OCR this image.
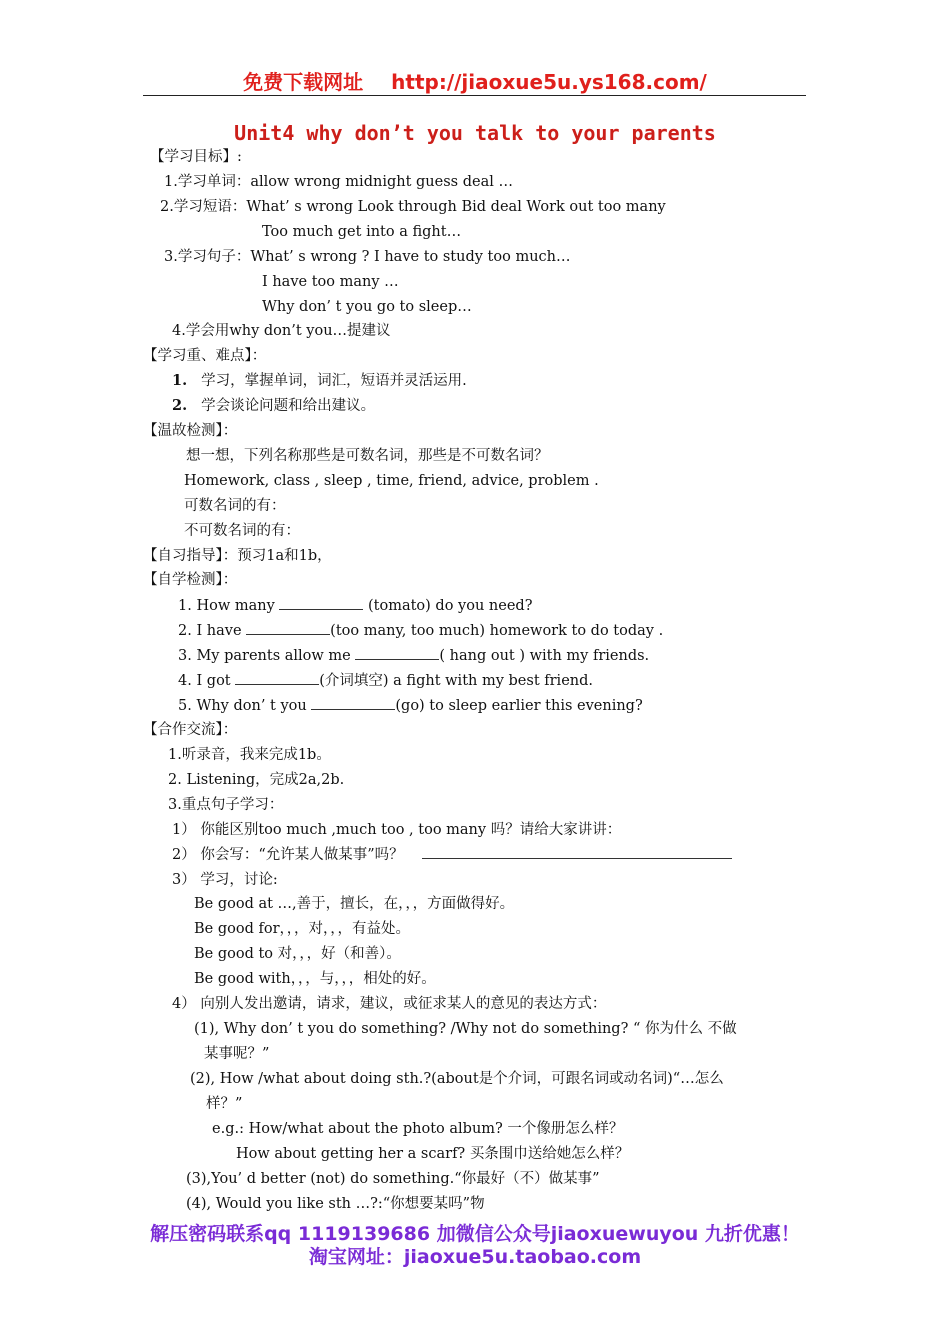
免费下载网址 http://jiaoxue5u.ys168.com/
Unit4 why don’t you talk to your parents
【学习目标】:
1.学习单词：allow wrong midnight guess deal …
2.学习短语：What’ s wrong Look through Bid deal Work out too many
Too much get into a fight…
3.学习句子：What’ s wrong ? I have to study too much…
I have too many …
Why don’ t you go to sleep…
4.学会用why don’t you…提建议
【学习重、难点】：
1. 学习，掌握单词，词汇，短语并灵活运用.
2. 学会谈论问题和给出建议。
【温故检测】：
想一想，下列名称那些是可数名词，那些是不可数名词？
Homework, class , sleep , time, friend, advice, problem .
可数名词的有：
不可数名词的有：
【自习指导】：预习1a和1b，
【自学检测】：
1. How many	(tomato) do you need?
2. I have	(too many, too much) homework to do today .
3. My parents allow me	( hang out ) with my friends.
4. I got	(介词填空) a fight with my best friend.
5. Why don’ t you	(go) to sleep earlier this evening?
【合作交流】：
1.听录音，我来完成1b。
2. Listening，完成2a,2b.
3.重点句子学习：
1） 你能区别too much ,much too , too many 吗？请给大家讲讲：
2） 你会写：“允许某人做某事”吗？
3） 学习，讨论:
Be good at …,善于，擅长，在，，，方面做得好。
Be good for，，，对，，，有益处。
Be good to 对，，，好（和善）。
Be good with，，，与，，，相处的好。
4） 向别人发出邀请，请求，建议，或征求某人的意见的表达方式：
(1), Why don’ t you do something? /Why not do something? “ 你为什么 不做
某事呢？”
(2), How /what about doing sth.?(about是个介词，可跟名词或动名词)“…怎么
样？”
e.g.: How/what about the photo album? 一个像册怎么样？
How about getting her a scarf? 买条围巾送给她怎么样？
(3),You’ d better (not) do something.“你最好（不）做某事”
(4), Would you like sth …?:“你想要某吗”物
解压密码联系qq 1119139686 加微信公众号jiaoxuewuyou 九折优惠！
淘宝网址：jiaoxue5u.taobao.com
